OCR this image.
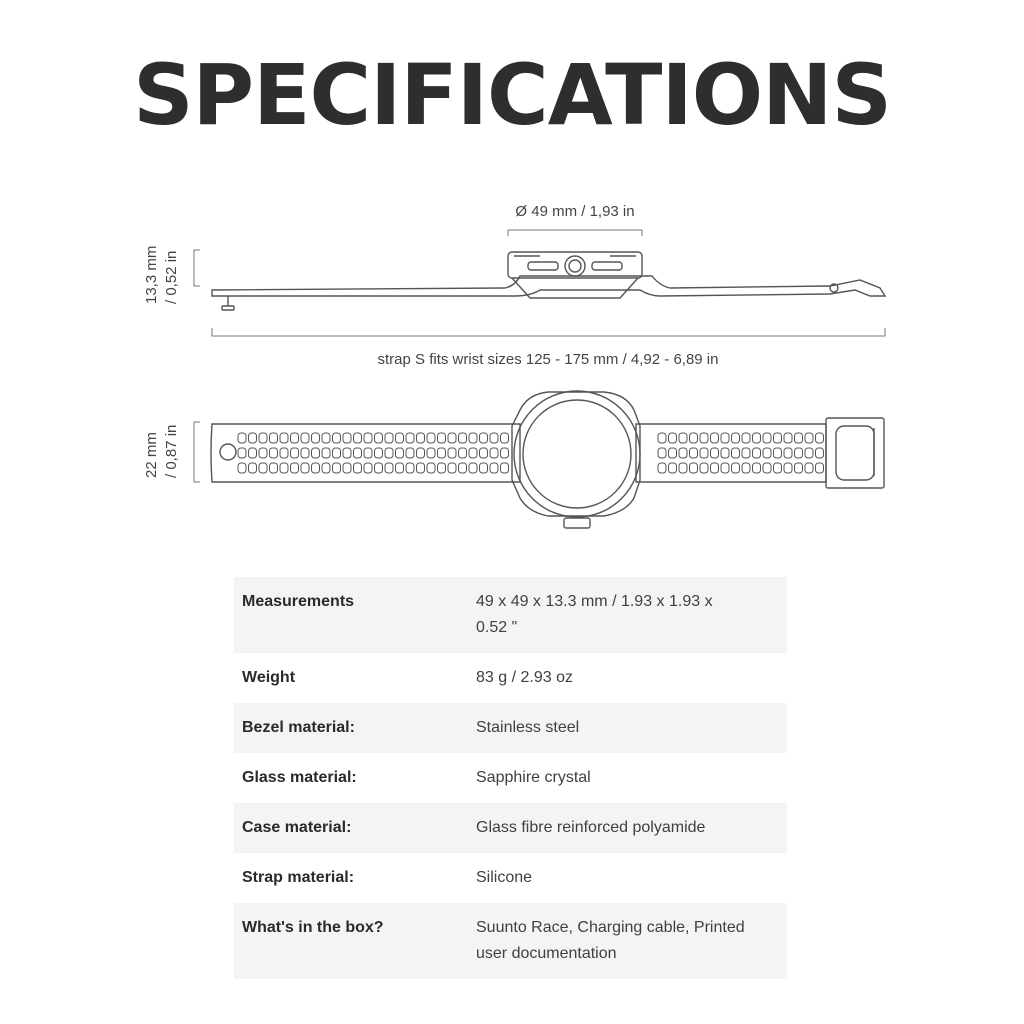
SPECIFICATIONS
Ø 49 mm / 1,93 in
13,3 mm / 0,52 in
strap S fits wrist sizes 125 - 175 mm / 4,92 - 6,89 in
22 mm / 0,87 in
Measurements	49 x 49 x 13.3 mm / 1.93 x 1.93 x 0.52 "
Weight	83 g / 2.93 oz
Bezel material:	Stainless steel
Glass material:	Sapphire crystal
Case material:	Glass fibre reinforced polyamide
Strap material:	Silicone
What's in the box?	Suunto Race, Charging cable, Printed user documentation
